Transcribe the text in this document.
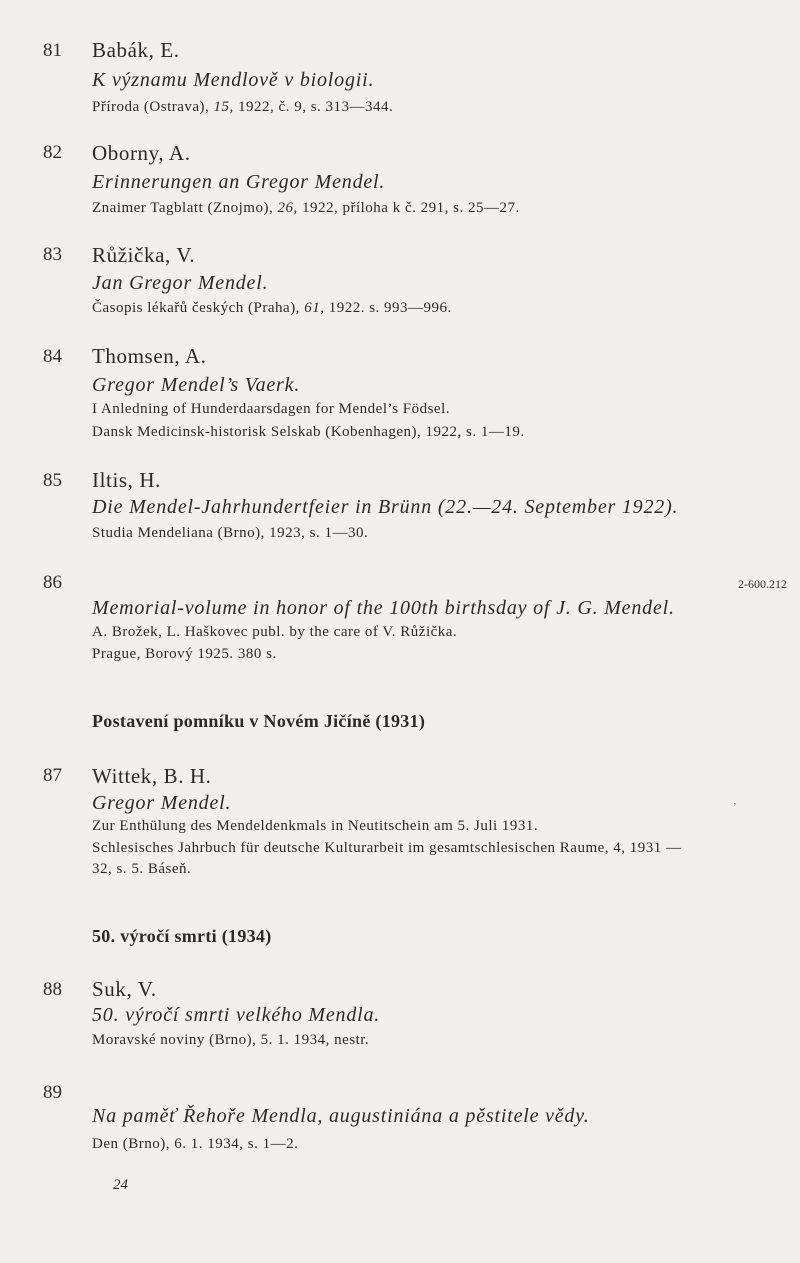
81 Babák, E.
K významu Mendlově v biologii.
Příroda (Ostrava), 15, 1922, č. 9, s. 313—344.
82 Oborny, A.
Erinnerungen an Gregor Mendel.
Znaimer Tagblatt (Znojmo), 26, 1922, příloha k č. 291, s. 25—27.
83 Růžička, V.
Jan Gregor Mendel.
Časopis lékařů českých (Praha), 61, 1922. s. 993—996.
84 Thomsen, A.
Gregor Mendel’s Vaerk.
I Anledning of Hunderdaarsdagen for Mendel’s Födsel.
Dansk Medicinsk-historisk Selskab (Kobenhagen), 1922, s. 1—19.
85 Iltis, H.
Die Mendel-Jahrhundertfeier in Brünn (22.—24. September 1922).
Studia Mendeliana (Brno), 1923, s. 1—30.
86	2-600.212
Memorial-volume in honor of the 100th birthsday of J. G. Mendel.
A. Brožek, L. Haškovec publ. by the care of V. Růžička.
Prague, Borový 1925. 380 s.
Postavení pomníku v Novém Jičíně (1931)
87 Wittek, B. H.
Gregor Mendel.	‚
Zur Enthülung des Mendeldenkmals in Neutitschein am 5. Juli 1931.
Schlesisches Jahrbuch für deutsche Kulturarbeit im gesamtschlesischen Raume, 4, 1931 —
32, s. 5. Báseň.
50. výročí smrti (1934)
88 Suk, V.
50. výročí smrti velkého Mendla.
Moravské noviny (Brno), 5. 1. 1934, nestr.
89
Na paměť Řehoře Mendla, augustiniána a pěstitele vědy.
Den (Brno), 6. 1. 1934, s. 1—2.
24
